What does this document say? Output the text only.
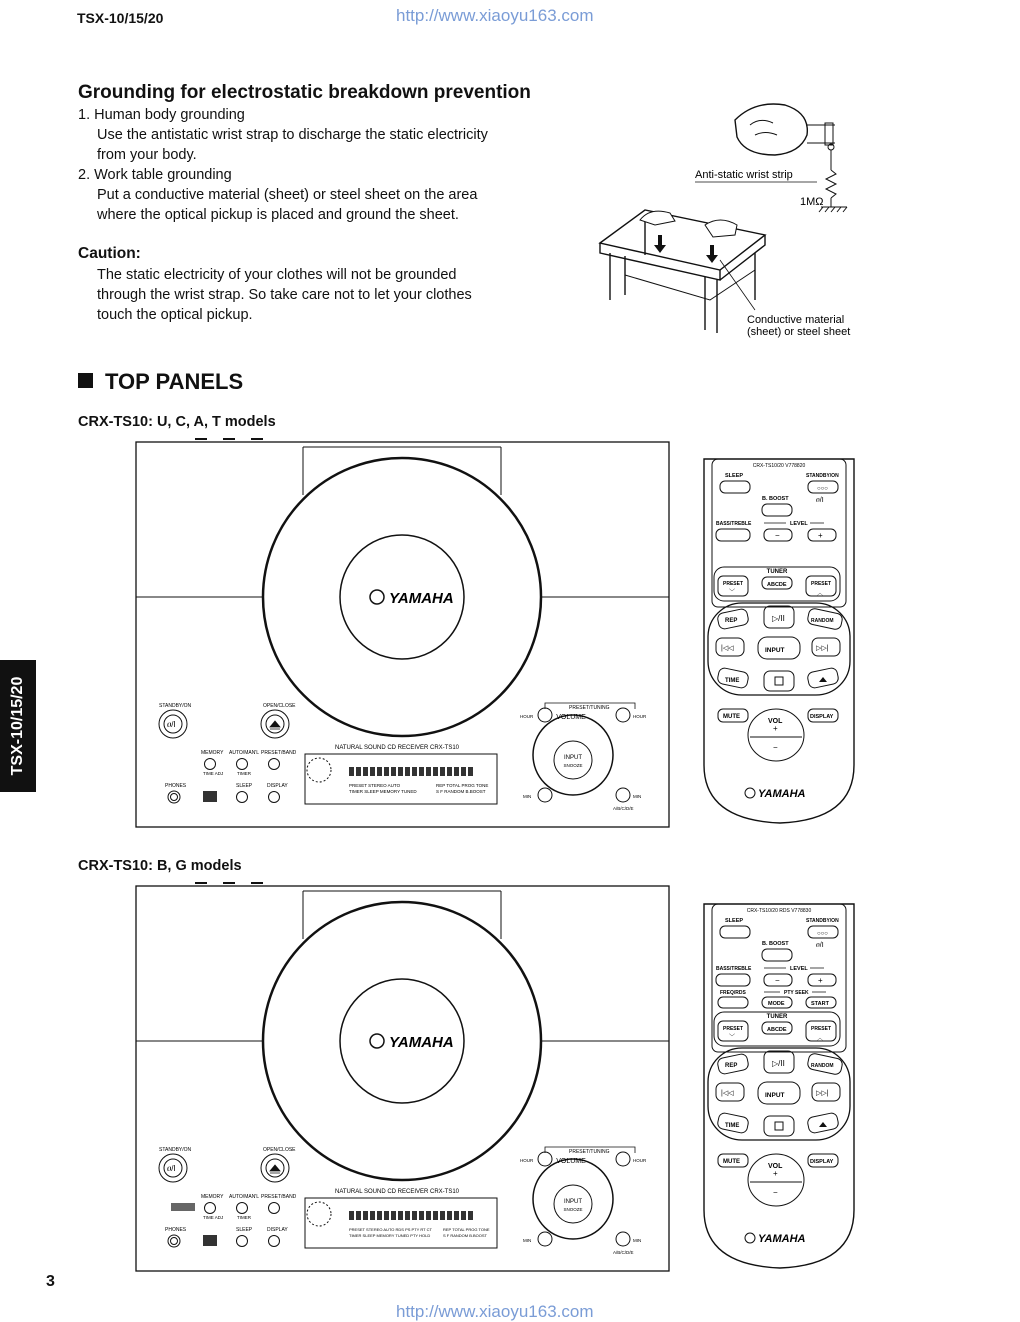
TSX-10/15/20	http://www.xiaoyu163.com
Grounding for electrostatic breakdown prevention
1. Human body grounding
Use the antistatic wrist strap to discharge the static electricity
from your body.
2. Work table grounding
Put a conductive material (sheet) or steel sheet on the area
where the optical pickup is placed and ground the sheet.
Caution:
The static electricity of your clothes will not be grounded
through the wrist strap. So take care not to let your clothes
touch the optical pickup.
Anti-static wrist strip
1MΩ
Conductive material
(sheet) or steel sheet
TOP PANELS
CRX-TS10: U, C, A, T models
CRX-TS10: B, G models
YAMAHA
STANDBY/ON
ዐ/I
OPEN/CLOSE
MEMORY
TIME ADJ
AUTO/MAN'L
TIMER
PRESET/BAND
PHONES	SLEEP	DISPLAY
NATURAL SOUND CD RECEIVER CRX-TS10
PRESET STEREO AUTO
TIMER SLEEP MEMORY TUNED
REP TOTAL PROG TONE
S F RANDOM B.BOOST
PRESET/TUNING
VOLUME
INPUT
SNOOZE
HOUR	HOUR
MIN	MIN
A/B/C/D/E
YAMAHA
STANDBY/ON
ዐ/I
OPEN/CLOSE
MEMORY
TIME ADJ
AUTO/MAN'L
TIMER
PRESET/BAND
PHONES	SLEEP	DISPLAY
NATURAL SOUND CD RECEIVER CRX-TS10
PRESET STEREO AUTO RDS PS PTY RT CT
TIMER SLEEP MEMORY TUNED PTY HOLD
REP TOTAL PROG TONE
S F RANDOM B.BOOST
PRESET/TUNING
VOLUME
INPUT
SNOOZE
HOUR	HOUR
MIN	MIN
A/B/C/D/E
CRX-TS10/20 V778820
SLEEP	STANDBY/ON
○○○
B. BOOST	ዐ/I
BASS/TREBLE	LEVEL
−	+
TUNER
PRESET
﹀
ABCDE	PRESET
︿
REP	▷/II	RANDOM
|◁◁	INPUT	▷▷|
TIME
MUTE	DISPLAY
VOL
+
−
YAMAHA
CRX-TS10/20 RDS V778830
SLEEP	STANDBY/ON
○○○
B. BOOST	ዐ/I
BASS/TREBLE	LEVEL
−	+
FREQ/RDS	PTY SEEK
MODE	START
TUNER
PRESET
﹀
ABCDE	PRESET
︿
REP	▷/II	RANDOM
|◁◁	INPUT	▷▷|
TIME
MUTE	DISPLAY
VOL
+
−
YAMAHA
TSX-10/15/20
3
http://www.xiaoyu163.com
